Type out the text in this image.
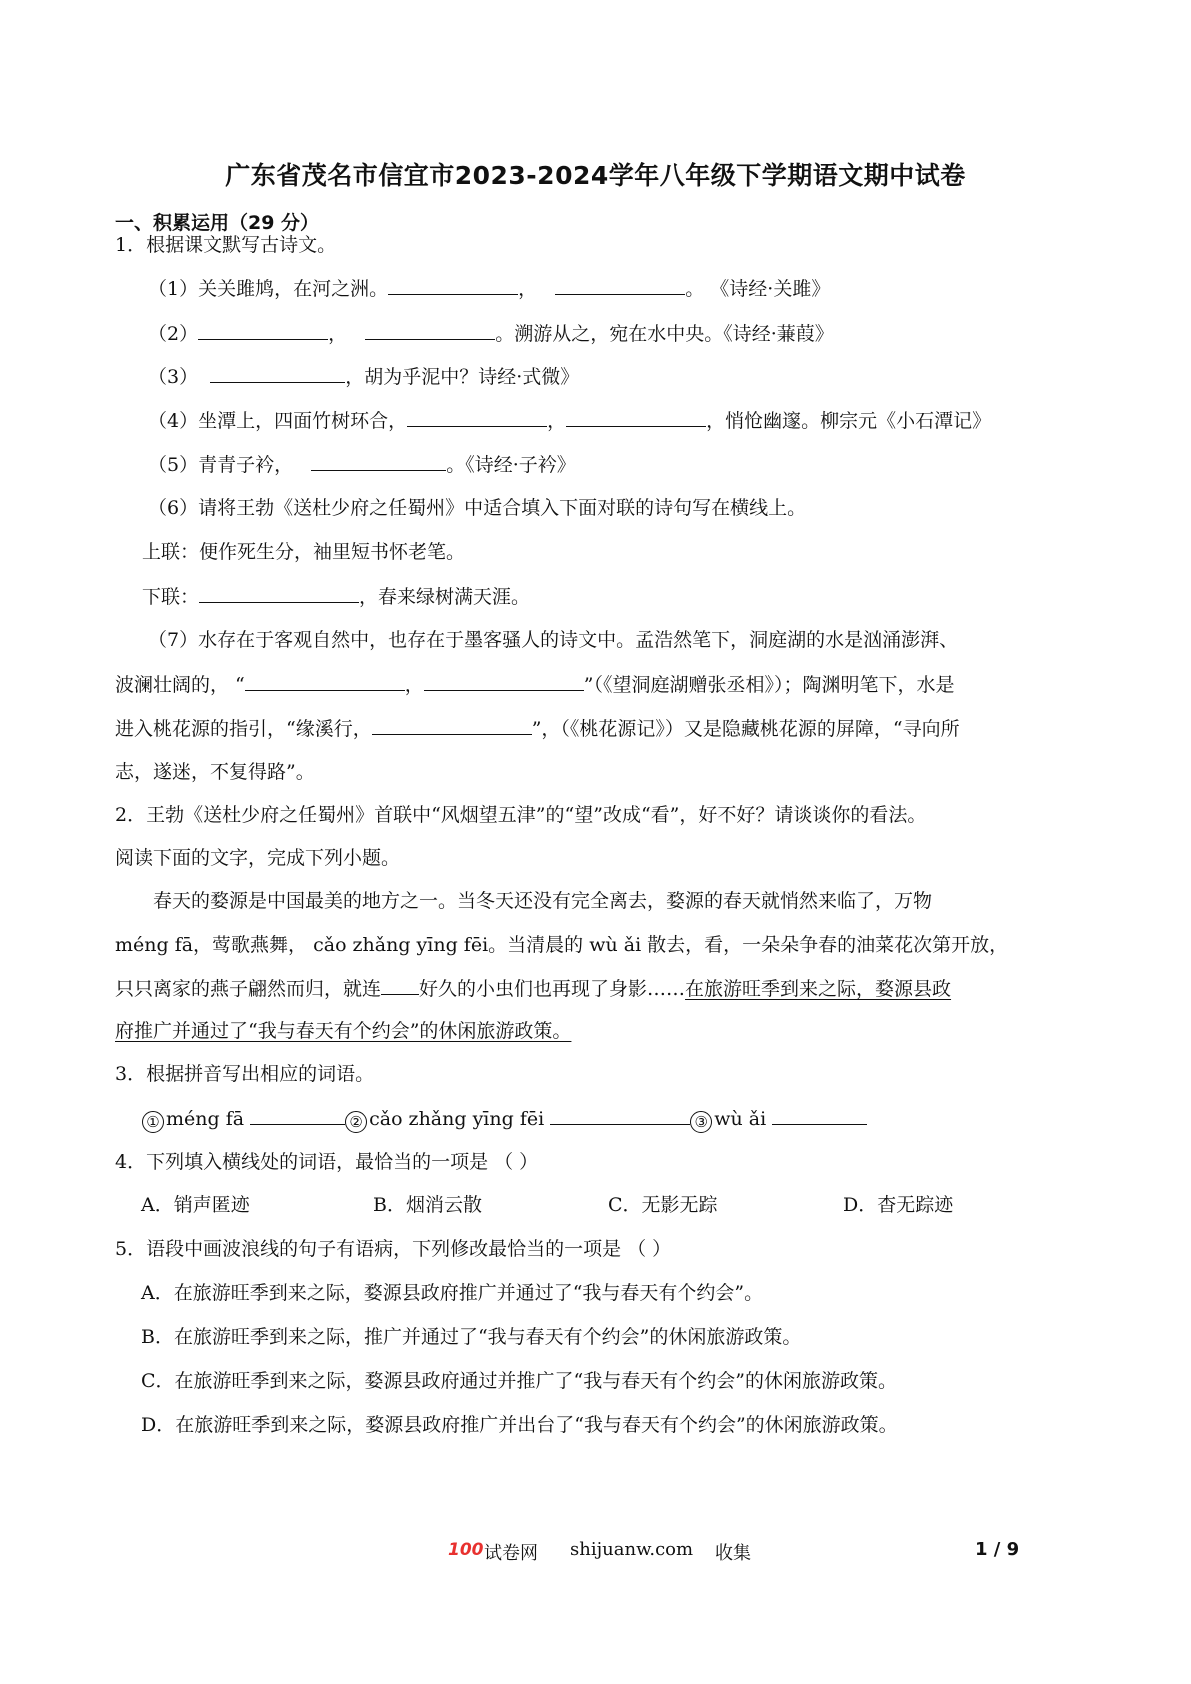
广东省茂名市信宜市2023-2024学年八年级下学期语文期中试卷
一、积累运用（29 分）
1．根据课文默写古诗文。
（1）关关雎鸠，在河之洲。	，	。 《诗经·关雎》
（2）	，	。溯游从之，宛在水中央。《诗经·蒹葭》
（3）	，胡为乎泥中？诗经·式微》
（4）坐潭上，四面竹树环合，	，	，悄怆幽邃。柳宗元《小石潭记》
（5）青青子衿，	。《诗经·子衿》
（6）请将王勃《送杜少府之任蜀州》中适合填入下面对联的诗句写在横线上。
上联：便作死生分，袖里短书怀老笔。
下联：	，春来绿树满天涯。
（7）水存在于客观自然中，也存在于墨客骚人的诗文中。孟浩然笔下，洞庭湖的水是汹涌澎湃、
波澜壮阔的， “	，	”（《望洞庭湖赠张丞相》）；陶渊明笔下，水是
进入桃花源的指引，“缘溪行，	”，（《桃花源记》）又是隐藏桃花源的屏障，“寻向所
志，遂迷，不复得路”。
2．王勃《送杜少府之任蜀州》首联中“风烟望五津”的“望”改成“看”，好不好？请谈谈你的看法。
阅读下面的文字，完成下列小题。
春天的婺源是中国最美的地方之一。当冬天还没有完全离去，婺源的春天就悄然来临了，万物
méng fā，莺歌燕舞， cǎo zhǎng yīng fēi。当清晨的 wù ǎi 散去，看，一朵朵争春的油菜花次第开放，
只只离家的燕子翩然而归，就连 好久的小虫们也再现了身影……在旅游旺季到来之际，婺源县政
府推广并通过了“我与春天有个约会”的休闲旅游政策。
3．根据拼音写出相应的词语。
① méng fā	② cǎo zhǎng yīng fēi	③ wù ǎi
4．下列填入横线处的词语，最恰当的一项是 （ ）
A．销声匿迹	B．烟消云散	C．无影无踪	D．杳无踪迹
5．语段中画波浪线的句子有语病，下列修改最恰当的一项是 （ ）
A．在旅游旺季到来之际，婺源县政府推广并通过了“我与春天有个约会”。
B．在旅游旺季到来之际，推广并通过了“我与春天有个约会”的休闲旅游政策。
C．在旅游旺季到来之际，婺源县政府通过并推广了“我与春天有个约会”的休闲旅游政策。
D．在旅游旺季到来之际，婺源县政府推广并出台了“我与春天有个约会”的休闲旅游政策。
100 试卷网 shijuanw.com 收集	1 / 9
